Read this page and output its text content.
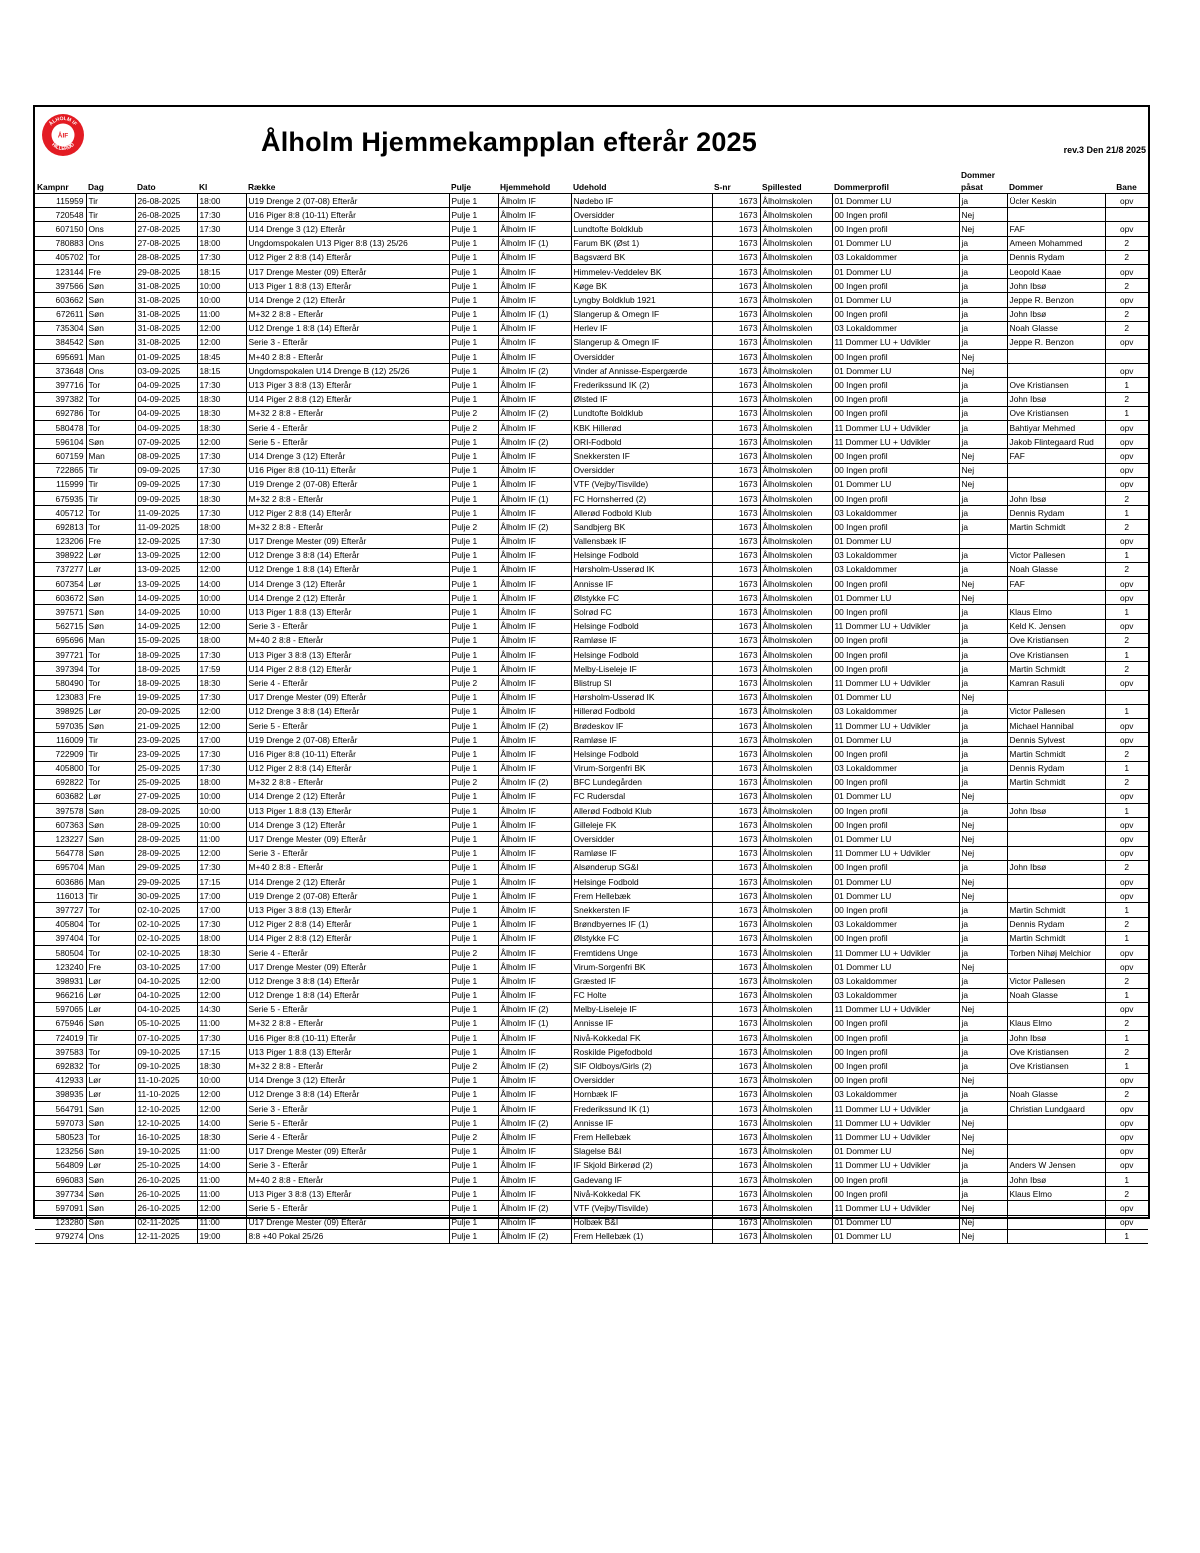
ÅLHOLM IF
HILLERØD
ÅIF	Ålholm Hjemmekampplan efterår 2025	rev.3 Den 21/8 2025
Kampnr	Dag	Dato	Kl	Række	Pulje	Hjemmehold	Udehold	S-nr	Spillested	Dommerprofil	Dommer påsat	Dommer	Bane
115959	Tir	26-08-2025	18:00	U19 Drenge 2 (07-08) Efterår	Pulje 1	Ålholm IF	Nødebo IF	1673	Ålholmskolen	01 Dommer LU	ja	Ücler Keskin	opv
720548	Tir	26-08-2025	17:30	U16 Piger 8:8 (10-11) Efterår	Pulje 1	Ålholm IF	Oversidder	1673	Ålholmskolen	00 Ingen profil	Nej		
607150	Ons	27-08-2025	17:30	U14 Drenge 3 (12) Efterår	Pulje 1	Ålholm IF	Lundtofte Boldklub	1673	Ålholmskolen	00 Ingen profil	Nej	FAF	opv
780883	Ons	27-08-2025	18:00	Ungdomspokalen U13 Piger 8:8 (13) 25/26	Pulje 1	Ålholm IF (1)	Farum BK (Øst 1)	1673	Ålholmskolen	01 Dommer LU	ja	Ameen Mohammed	2
405702	Tor	28-08-2025	17:30	U12 Piger 2 8:8 (14) Efterår	Pulje 1	Ålholm IF	Bagsværd BK	1673	Ålholmskolen	03 Lokaldommer	ja	Dennis Rydam	2
123144	Fre	29-08-2025	18:15	U17 Drenge Mester (09) Efterår	Pulje 1	Ålholm IF	Himmelev-Veddelev BK	1673	Ålholmskolen	01 Dommer LU	ja	Leopold Kaae	opv
397566	Søn	31-08-2025	10:00	U13 Piger 1 8:8 (13) Efterår	Pulje 1	Ålholm IF	Køge BK	1673	Ålholmskolen	00 Ingen profil	ja	John Ibsø	2
603662	Søn	31-08-2025	10:00	U14 Drenge 2 (12) Efterår	Pulje 1	Ålholm IF	Lyngby Boldklub 1921	1673	Ålholmskolen	01 Dommer LU	ja	Jeppe R. Benzon	opv
672611	Søn	31-08-2025	11:00	M+32 2 8:8 - Efterår	Pulje 1	Ålholm IF (1)	Slangerup & Omegn IF	1673	Ålholmskolen	00 Ingen profil	ja	John Ibsø	2
735304	Søn	31-08-2025	12:00	U12 Drenge 1 8:8 (14) Efterår	Pulje 1	Ålholm IF	Herlev IF	1673	Ålholmskolen	03 Lokaldommer	ja	Noah Glasse	2
384542	Søn	31-08-2025	12:00	Serie 3 - Efterår	Pulje 1	Ålholm IF	Slangerup & Omegn IF	1673	Ålholmskolen	11 Dommer LU + Udvikler	ja	Jeppe R. Benzon	opv
695691	Man	01-09-2025	18:45	M+40 2 8:8 - Efterår	Pulje 1	Ålholm IF	Oversidder	1673	Ålholmskolen	00 Ingen profil	Nej		
373648	Ons	03-09-2025	18:15	Ungdomspokalen U14 Drenge B (12) 25/26	Pulje 1	Ålholm IF (2)	Vinder af Annisse-Espergærde	1673	Ålholmskolen	01 Dommer LU	Nej		opv
397716	Tor	04-09-2025	17:30	U13 Piger 3 8:8 (13) Efterår	Pulje 1	Ålholm IF	Frederikssund IK (2)	1673	Ålholmskolen	00 Ingen profil	ja	Ove Kristiansen	1
397382	Tor	04-09-2025	18:30	U14 Piger 2 8:8 (12) Efterår	Pulje 1	Ålholm IF	Ølsted IF	1673	Ålholmskolen	00 Ingen profil	ja	John Ibsø	2
692786	Tor	04-09-2025	18:30	M+32 2 8:8 - Efterår	Pulje 2	Ålholm IF (2)	Lundtofte Boldklub	1673	Ålholmskolen	00 Ingen profil	ja	Ove Kristiansen	1
580478	Tor	04-09-2025	18:30	Serie 4 - Efterår	Pulje 2	Ålholm IF	KBK Hillerød	1673	Ålholmskolen	11 Dommer LU + Udvikler	ja	Bahtiyar Mehmed	opv
596104	Søn	07-09-2025	12:00	Serie 5 - Efterår	Pulje 1	Ålholm IF (2)	ORI-Fodbold	1673	Ålholmskolen	11 Dommer LU + Udvikler	ja	Jakob Flintegaard Rud	opv
607159	Man	08-09-2025	17:30	U14 Drenge 3 (12) Efterår	Pulje 1	Ålholm IF	Snekkersten IF	1673	Ålholmskolen	00 Ingen profil	Nej	FAF	opv
722865	Tir	09-09-2025	17:30	U16 Piger 8:8 (10-11) Efterår	Pulje 1	Ålholm IF	Oversidder	1673	Ålholmskolen	00 Ingen profil	Nej		opv
115999	Tir	09-09-2025	17:30	U19 Drenge 2 (07-08) Efterår	Pulje 1	Ålholm IF	VTF (Vejby/Tisvilde)	1673	Ålholmskolen	01 Dommer LU	Nej		opv
675935	Tir	09-09-2025	18:30	M+32 2 8:8 - Efterår	Pulje 1	Ålholm IF (1)	FC Hornsherred (2)	1673	Ålholmskolen	00 Ingen profil	ja	John Ibsø	2
405712	Tor	11-09-2025	17:30	U12 Piger 2 8:8 (14) Efterår	Pulje 1	Ålholm IF	Allerød Fodbold Klub	1673	Ålholmskolen	03 Lokaldommer	ja	Dennis Rydam	1
692813	Tor	11-09-2025	18:00	M+32 2 8:8 - Efterår	Pulje 2	Ålholm IF (2)	Sandbjerg BK	1673	Ålholmskolen	00 Ingen profil	ja	Martin Schmidt	2
123206	Fre	12-09-2025	17:30	U17 Drenge Mester (09) Efterår	Pulje 1	Ålholm IF	Vallensbæk IF	1673	Ålholmskolen	01 Dommer LU			opv
398922	Lør	13-09-2025	12:00	U12 Drenge 3 8:8 (14) Efterår	Pulje 1	Ålholm IF	Helsinge Fodbold	1673	Ålholmskolen	03 Lokaldommer	ja	Victor Pallesen	1
737277	Lør	13-09-2025	12:00	U12 Drenge 1 8:8 (14) Efterår	Pulje 1	Ålholm IF	Hørsholm-Usserød IK	1673	Ålholmskolen	03 Lokaldommer	ja	Noah Glasse	2
607354	Lør	13-09-2025	14:00	U14 Drenge 3 (12) Efterår	Pulje 1	Ålholm IF	Annisse IF	1673	Ålholmskolen	00 Ingen profil	Nej	FAF	opv
603672	Søn	14-09-2025	10:00	U14 Drenge 2 (12) Efterår	Pulje 1	Ålholm IF	Ølstykke FC	1673	Ålholmskolen	01 Dommer LU	Nej		opv
397571	Søn	14-09-2025	10:00	U13 Piger 1 8:8 (13) Efterår	Pulje 1	Ålholm IF	Solrød FC	1673	Ålholmskolen	00 Ingen profil	ja	Klaus Elmo	1
562715	Søn	14-09-2025	12:00	Serie 3 - Efterår	Pulje 1	Ålholm IF	Helsinge Fodbold	1673	Ålholmskolen	11 Dommer LU + Udvikler	ja	Keld K. Jensen	opv
695696	Man	15-09-2025	18:00	M+40 2 8:8 - Efterår	Pulje 1	Ålholm IF	Ramløse IF	1673	Ålholmskolen	00 Ingen profil	ja	Ove Kristiansen	2
397721	Tor	18-09-2025	17:30	U13 Piger 3 8:8 (13) Efterår	Pulje 1	Ålholm IF	Helsinge Fodbold	1673	Ålholmskolen	00 Ingen profil	ja	Ove Kristiansen	1
397394	Tor	18-09-2025	17:59	U14 Piger 2 8:8 (12) Efterår	Pulje 1	Ålholm IF	Melby-Liseleje IF	1673	Ålholmskolen	00 Ingen profil	ja	Martin Schmidt	2
580490	Tor	18-09-2025	18:30	Serie 4 - Efterår	Pulje 2	Ålholm IF	Blistrup SI	1673	Ålholmskolen	11 Dommer LU + Udvikler	ja	Kamran Rasuli	opv
123083	Fre	19-09-2025	17:30	U17 Drenge Mester (09) Efterår	Pulje 1	Ålholm IF	Hørsholm-Usserød IK	1673	Ålholmskolen	01 Dommer LU	Nej		
398925	Lør	20-09-2025	12:00	U12 Drenge 3 8:8 (14) Efterår	Pulje 1	Ålholm IF	Hillerød Fodbold	1673	Ålholmskolen	03 Lokaldommer	ja	Victor Pallesen	1
597035	Søn	21-09-2025	12:00	Serie 5 - Efterår	Pulje 1	Ålholm IF (2)	Brødeskov IF	1673	Ålholmskolen	11 Dommer LU + Udvikler	ja	Michael Hannibal	opv
116009	Tir	23-09-2025	17:00	U19 Drenge 2 (07-08) Efterår	Pulje 1	Ålholm IF	Ramløse IF	1673	Ålholmskolen	01 Dommer LU	ja	Dennis Sylvest	opv
722909	Tir	23-09-2025	17:30	U16 Piger 8:8 (10-11) Efterår	Pulje 1	Ålholm IF	Helsinge Fodbold	1673	Ålholmskolen	00 Ingen profil	ja	Martin Schmidt	2
405800	Tor	25-09-2025	17:30	U12 Piger 2 8:8 (14) Efterår	Pulje 1	Ålholm IF	Virum-Sorgenfri BK	1673	Ålholmskolen	03 Lokaldommer	ja	Dennis Rydam	1
692822	Tor	25-09-2025	18:00	M+32 2 8:8 - Efterår	Pulje 2	Ålholm IF (2)	BFC Lundegården	1673	Ålholmskolen	00 Ingen profil	ja	Martin Schmidt	2
603682	Lør	27-09-2025	10:00	U14 Drenge 2 (12) Efterår	Pulje 1	Ålholm IF	FC Rudersdal	1673	Ålholmskolen	01 Dommer LU	Nej		opv
397578	Søn	28-09-2025	10:00	U13 Piger 1 8:8 (13) Efterår	Pulje 1	Ålholm IF	Allerød Fodbold Klub	1673	Ålholmskolen	00 Ingen profil	ja	John Ibsø	1
607363	Søn	28-09-2025	10:00	U14 Drenge 3 (12) Efterår	Pulje 1	Ålholm IF	Gilleleje FK	1673	Ålholmskolen	00 Ingen profil	Nej		opv
123227	Søn	28-09-2025	11:00	U17 Drenge Mester (09) Efterår	Pulje 1	Ålholm IF	Oversidder	1673	Ålholmskolen	01 Dommer LU	Nej		opv
564778	Søn	28-09-2025	12:00	Serie 3 - Efterår	Pulje 1	Ålholm IF	Ramløse IF	1673	Ålholmskolen	11 Dommer LU + Udvikler	Nej		opv
695704	Man	29-09-2025	17:30	M+40 2 8:8 - Efterår	Pulje 1	Ålholm IF	Alsønderup SG&I	1673	Ålholmskolen	00 Ingen profil	ja	John Ibsø	2
603686	Man	29-09-2025	17:15	U14 Drenge 2 (12) Efterår	Pulje 1	Ålholm IF	Helsinge Fodbold	1673	Ålholmskolen	01 Dommer LU	Nej		opv
116013	Tir	30-09-2025	17:00	U19 Drenge 2 (07-08) Efterår	Pulje 1	Ålholm IF	Frem Hellebæk	1673	Ålholmskolen	01 Dommer LU	Nej		opv
397727	Tor	02-10-2025	17:00	U13 Piger 3 8:8 (13) Efterår	Pulje 1	Ålholm IF	Snekkersten IF	1673	Ålholmskolen	00 Ingen profil	ja	Martin Schmidt	1
405804	Tor	02-10-2025	17:30	U12 Piger 2 8:8 (14) Efterår	Pulje 1	Ålholm IF	Brøndbyernes IF (1)	1673	Ålholmskolen	03 Lokaldommer	ja	Dennis Rydam	2
397404	Tor	02-10-2025	18:00	U14 Piger 2 8:8 (12) Efterår	Pulje 1	Ålholm IF	Ølstykke FC	1673	Ålholmskolen	00 Ingen profil	ja	Martin Schmidt	1
580504	Tor	02-10-2025	18:30	Serie 4 - Efterår	Pulje 2	Ålholm IF	Fremtidens Unge	1673	Ålholmskolen	11 Dommer LU + Udvikler	ja	Torben Nihøj Melchior	opv
123240	Fre	03-10-2025	17:00	U17 Drenge Mester (09) Efterår	Pulje 1	Ålholm IF	Virum-Sorgenfri BK	1673	Ålholmskolen	01 Dommer LU	Nej		opv
398931	Lør	04-10-2025	12:00	U12 Drenge 3 8:8 (14) Efterår	Pulje 1	Ålholm IF	Græsted IF	1673	Ålholmskolen	03 Lokaldommer	ja	Victor Pallesen	2
966216	Lør	04-10-2025	12:00	U12 Drenge 1 8:8 (14) Efterår	Pulje 1	Ålholm IF	FC Holte	1673	Ålholmskolen	03 Lokaldommer	ja	Noah Glasse	1
597065	Lør	04-10-2025	14:30	Serie 5 - Efterår	Pulje 1	Ålholm IF (2)	Melby-Liseleje IF	1673	Ålholmskolen	11 Dommer LU + Udvikler	Nej		opv
675946	Søn	05-10-2025	11:00	M+32 2 8:8 - Efterår	Pulje 1	Ålholm IF (1)	Annisse IF	1673	Ålholmskolen	00 Ingen profil	ja	Klaus Elmo	2
724019	Tir	07-10-2025	17:30	U16 Piger 8:8 (10-11) Efterår	Pulje 1	Ålholm IF	Nivå-Kokkedal FK	1673	Ålholmskolen	00 Ingen profil	ja	John Ibsø	1
397583	Tor	09-10-2025	17:15	U13 Piger 1 8:8 (13) Efterår	Pulje 1	Ålholm IF	Roskilde Pigefodbold	1673	Ålholmskolen	00 Ingen profil	ja	Ove Kristiansen	2
692832	Tor	09-10-2025	18:30	M+32 2 8:8 - Efterår	Pulje 2	Ålholm IF (2)	SIF Oldboys/Girls (2)	1673	Ålholmskolen	00 Ingen profil	ja	Ove Kristiansen	1
412933	Lør	11-10-2025	10:00	U14 Drenge 3 (12) Efterår	Pulje 1	Ålholm IF	Oversidder	1673	Ålholmskolen	00 Ingen profil	Nej		opv
398935	Lør	11-10-2025	12:00	U12 Drenge 3 8:8 (14) Efterår	Pulje 1	Ålholm IF	Hornbæk IF	1673	Ålholmskolen	03 Lokaldommer	ja	Noah Glasse	2
564791	Søn	12-10-2025	12:00	Serie 3 - Efterår	Pulje 1	Ålholm IF	Frederikssund IK (1)	1673	Ålholmskolen	11 Dommer LU + Udvikler	ja	Christian Lundgaard	opv
597073	Søn	12-10-2025	14:00	Serie 5 - Efterår	Pulje 1	Ålholm IF (2)	Annisse IF	1673	Ålholmskolen	11 Dommer LU + Udvikler	Nej		opv
580523	Tor	16-10-2025	18:30	Serie 4 - Efterår	Pulje 2	Ålholm IF	Frem Hellebæk	1673	Ålholmskolen	11 Dommer LU + Udvikler	Nej		opv
123256	Søn	19-10-2025	11:00	U17 Drenge Mester (09) Efterår	Pulje 1	Ålholm IF	Slagelse B&I	1673	Ålholmskolen	01 Dommer LU	Nej		opv
564809	Lør	25-10-2025	14:00	Serie 3 - Efterår	Pulje 1	Ålholm IF	IF Skjold Birkerød (2)	1673	Ålholmskolen	11 Dommer LU + Udvikler	ja	Anders W Jensen	opv
696083	Søn	26-10-2025	11:00	M+40 2 8:8 - Efterår	Pulje 1	Ålholm IF	Gadevang IF	1673	Ålholmskolen	00 Ingen profil	ja	John Ibsø	1
397734	Søn	26-10-2025	11:00	U13 Piger 3 8:8 (13) Efterår	Pulje 1	Ålholm IF	Nivå-Kokkedal FK	1673	Ålholmskolen	00 Ingen profil	ja	Klaus Elmo	2
597091	Søn	26-10-2025	12:00	Serie 5 - Efterår	Pulje 1	Ålholm IF (2)	VTF (Vejby/Tisvilde)	1673	Ålholmskolen	11 Dommer LU + Udvikler	Nej		opv
123280	Søn	02-11-2025	11:00	U17 Drenge Mester (09) Efterår	Pulje 1	Ålholm IF	Holbæk B&I	1673	Ålholmskolen	01 Dommer LU	Nej		opv
979274	Ons	12-11-2025	19:00	8:8 +40 Pokal 25/26	Pulje 1	Ålholm IF (2)	Frem Hellebæk (1)	1673	Ålholmskolen	01 Dommer LU	Nej		1
